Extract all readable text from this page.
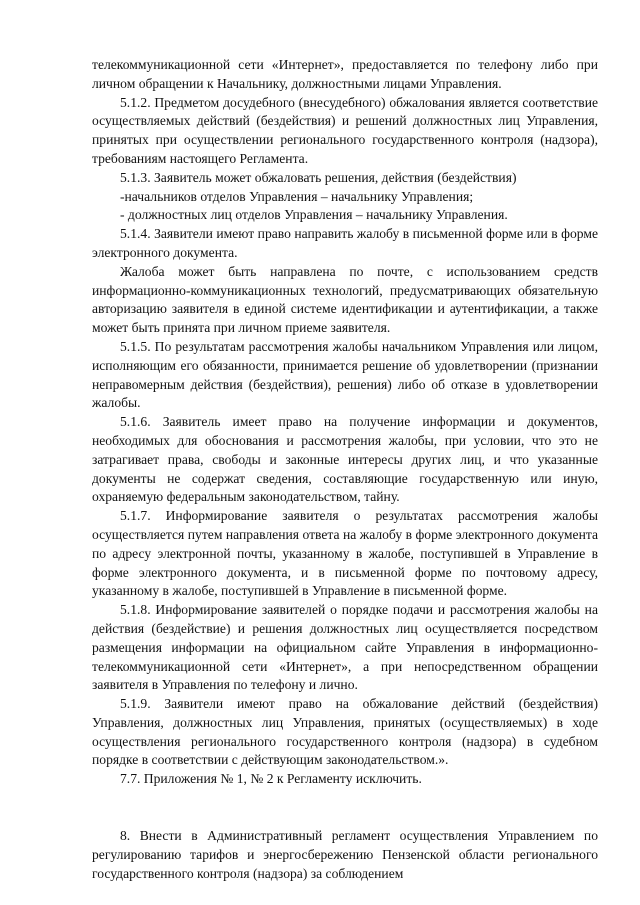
телекоммуникационной сети «Интернет», предоставляется по телефону либо при личном обращении к Начальнику, должностными лицами Управления.

5.1.2. Предметом досудебного (внесудебного) обжалования является соответствие осуществляемых действий (бездействия) и решений должностных лиц Управления, принятых при осуществлении регионального государственного контроля (надзора), требованиям настоящего Регламента.

5.1.3. Заявитель может обжаловать решения, действия (бездействия)

-начальников отделов Управления – начальнику Управления;

- должностных лиц отделов Управления – начальнику Управления.

5.1.4. Заявители имеют право направить жалобу в письменной форме или в форме электронного документа.

Жалоба может быть направлена по почте, с использованием средств информационно-коммуникационных технологий, предусматривающих обязательную авторизацию заявителя в единой системе идентификации и аутентификации, а также может быть принята при личном приеме заявителя.

5.1.5. По результатам рассмотрения жалобы начальником Управления или лицом, исполняющим его обязанности, принимается решение об удовлетворении (признании неправомерным действия (бездействия), решения) либо об отказе в удовлетворении жалобы.

5.1.6. Заявитель имеет право на получение информации и документов, необходимых для обоснования и рассмотрения жалобы, при условии, что это не затрагивает права, свободы и законные интересы других лиц, и что указанные документы не содержат сведения, составляющие государственную или иную, охраняемую федеральным законодательством, тайну.

5.1.7. Информирование заявителя о результатах рассмотрения жалобы осуществляется путем направления ответа на жалобу в форме электронного документа по адресу электронной почты, указанному в жалобе, поступившей в Управление в форме электронного документа, и в письменной форме по почтовому адресу, указанному в жалобе, поступившей в Управление в письменной форме.

5.1.8. Информирование заявителей о порядке подачи и рассмотрения жалобы на действия (бездействие) и решения должностных лиц осуществляется посредством размещения информации на официальном сайте Управления в информационно-телекоммуникационной сети «Интернет», а при непосредственном обращении заявителя в Управления по телефону и лично.

5.1.9. Заявители имеют право на обжалование действий (бездействия) Управления, должностных лиц Управления, принятых (осуществляемых) в ходе осуществления регионального государственного контроля (надзора) в судебном порядке в соответствии с действующим законодательством.».

7.7. Приложения № 1, № 2 к Регламенту исключить.

8. Внести в Административный регламент осуществления Управлением по регулированию тарифов и энергосбережению Пензенской области регионального государственного контроля (надзора) за соблюдением
